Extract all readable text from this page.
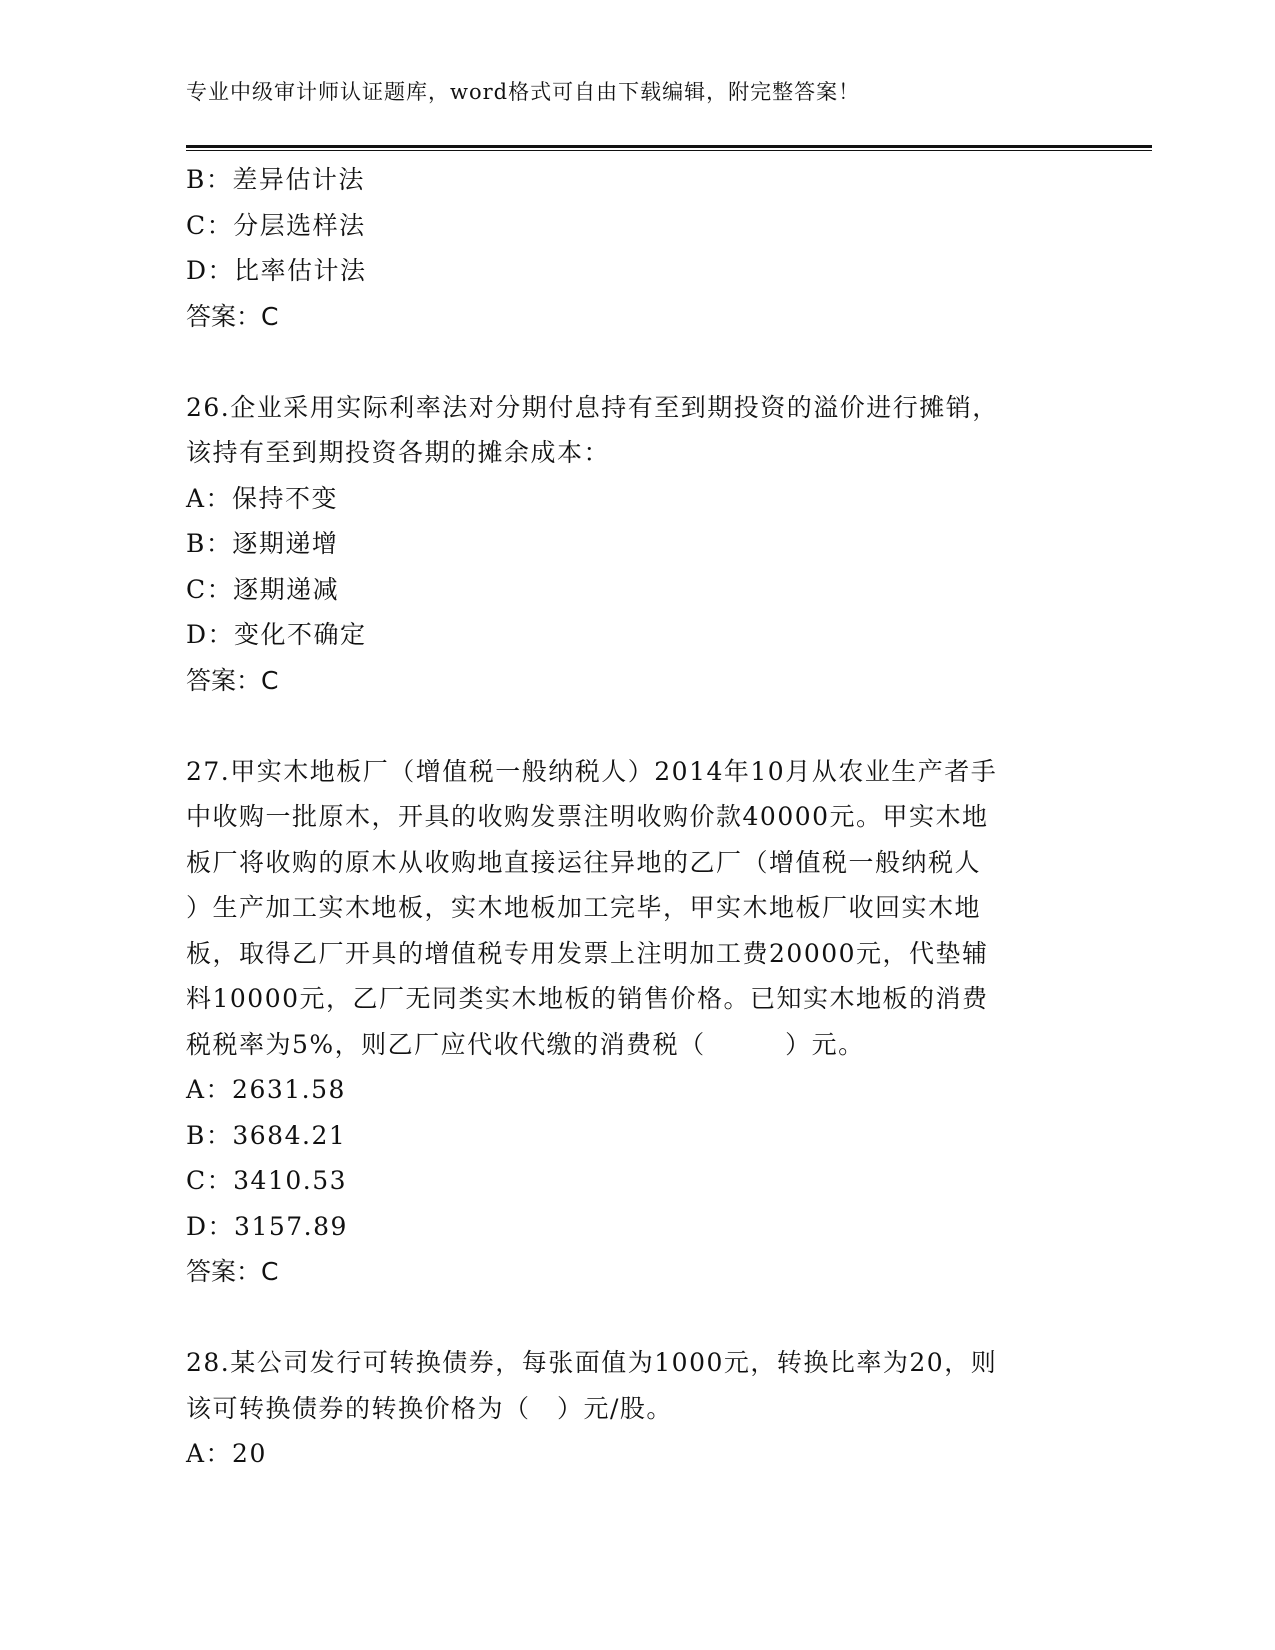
专业中级审计师认证题库，word格式可自由下载编辑，附完整答案！
B：差异估计法
C：分层选样法
D：比率估计法
答案：C
26.企业采用实际利率法对分期付息持有至到期投资的溢价进行摊销，
该持有至到期投资各期的摊余成本：
A：保持不变
B：逐期递增
C：逐期递减
D：变化不确定
答案：C
27.甲实木地板厂（增值税一般纳税人）2014年10月从农业生产者手
中收购一批原木，开具的收购发票注明收购价款40000元。甲实木地
板厂将收购的原木从收购地直接运往异地的乙厂（增值税一般纳税人
）生产加工实木地板，实木地板加工完毕，甲实木地板厂收回实木地
板，取得乙厂开具的增值税专用发票上注明加工费20000元，代垫辅
料10000元，乙厂无同类实木地板的销售价格。已知实木地板的消费
税税率为5%，则乙厂应代收代缴的消费税（　　　）元。
A：2631.58
B：3684.21
C：3410.53
D：3157.89
答案：C
28.某公司发行可转换债券，每张面值为1000元，转换比率为20，则
该可转换债券的转换价格为（　）元/股。
A：20
